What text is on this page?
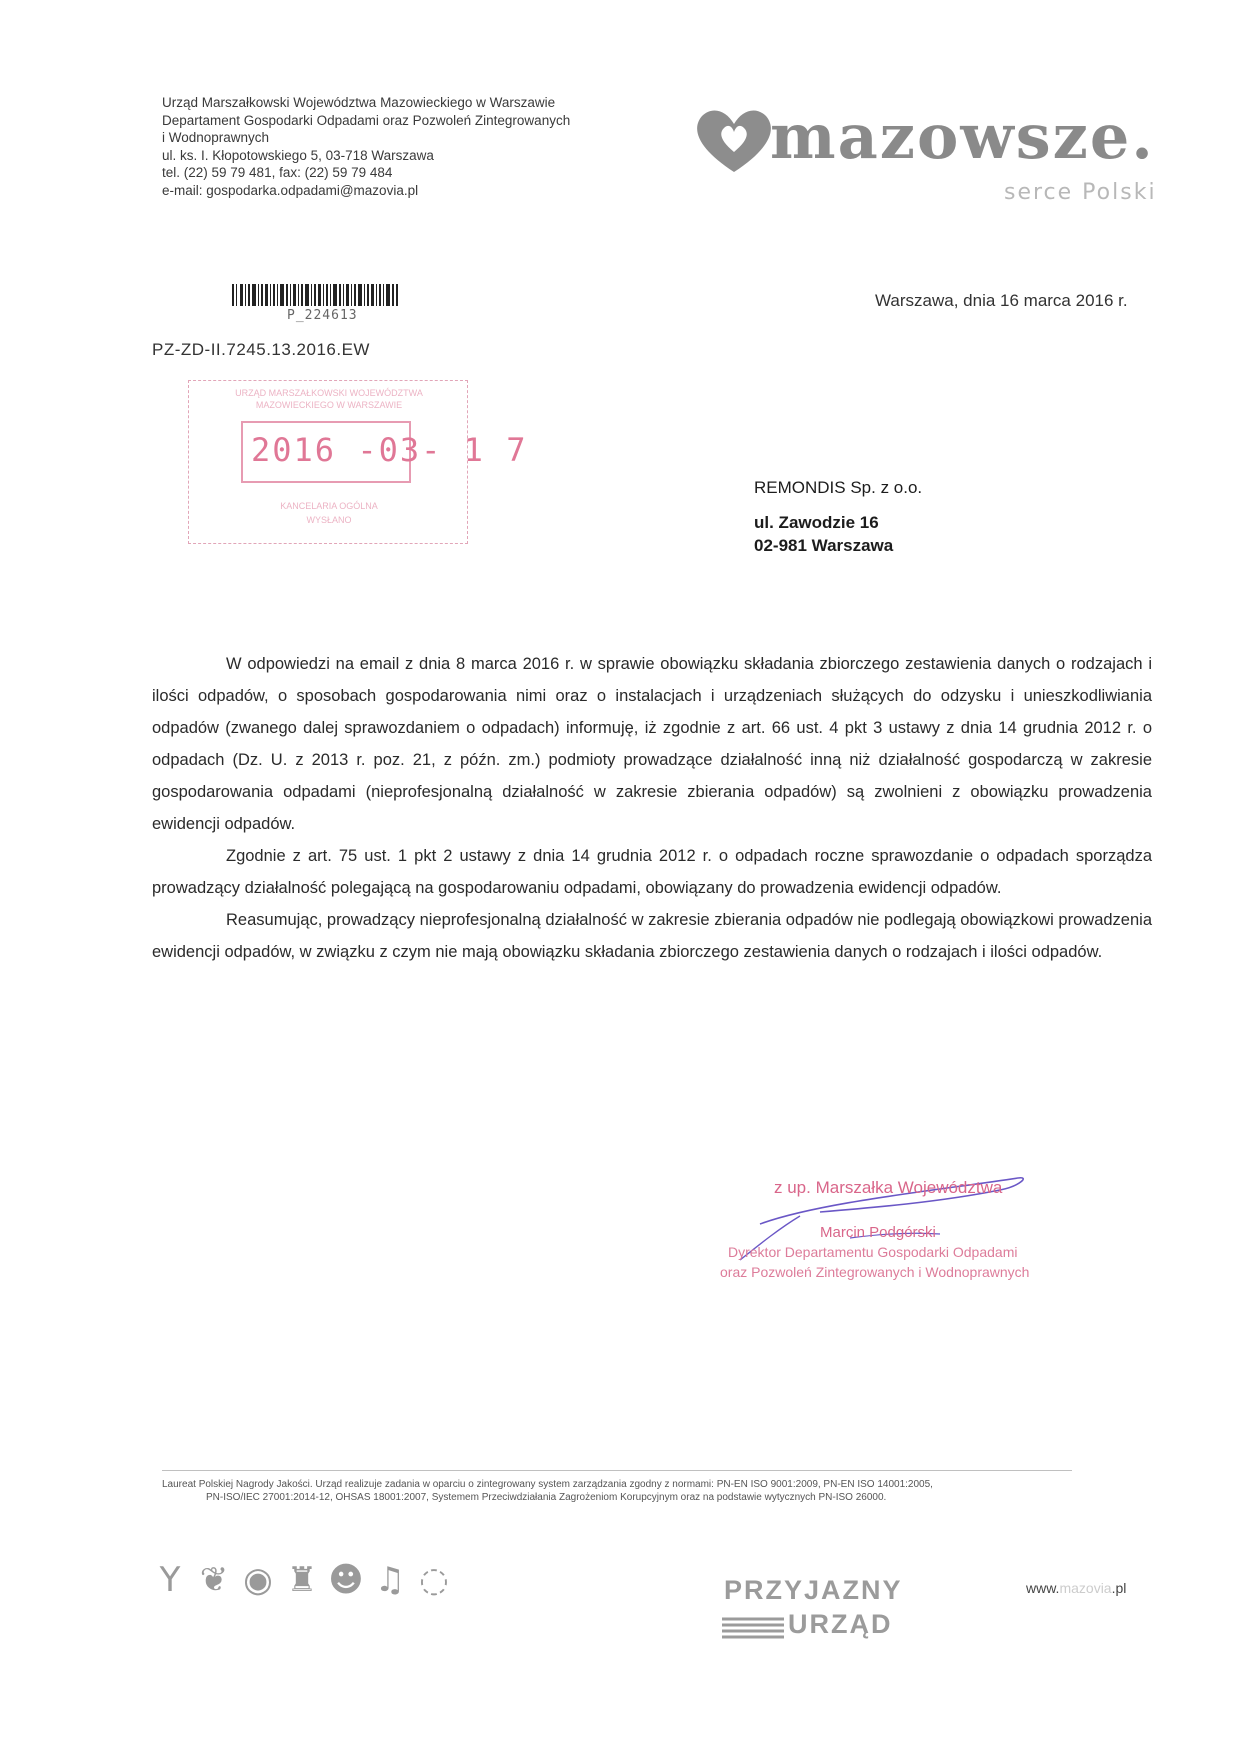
Urząd Marszałkowski Województwa Mazowieckiego w Warszawie
Departament Gospodarki Odpadami oraz Pozwoleń Zintegrowanych
i Wodnoprawnych
ul. ks. I. Kłopotowskiego 5, 03-718 Warszawa
tel. (22) 59 79 481, fax: (22) 59 79 484
e-mail: gospodarka.odpadami@mazovia.pl
mazowsze.
serce Polski
P_224613
PZ-ZD-II.7245.13.2016.EW
Warszawa, dnia 16 marca 2016 r.
URZĄD MARSZAŁKOWSKI WOJEWÓDZTWA MAZOWIECKIEGO W WARSZAWIE
2016 -03- 1 7
KANCELARIA OGÓLNA
WYSŁANO
REMONDIS Sp. z o.o.
ul. Zawodzie 16
02-981 Warszawa

W odpowiedzi na email z dnia 8 marca 2016 r. w sprawie obowiązku składania zbiorczego zestawienia danych o rodzajach i ilości odpadów, o sposobach gospodarowania nimi oraz o instalacjach i urządzeniach służących do odzysku i unieszkodliwiania odpadów (zwanego dalej sprawozdaniem o odpadach) informuję, iż zgodnie z art. 66 ust. 4 pkt 3 ustawy z dnia 14 grudnia 2012 r. o odpadach (Dz. U. z 2013 r. poz. 21, z późn. zm.) podmioty prowadzące działalność inną niż działalność gospodarczą w zakresie gospodarowania odpadami (nieprofesjonalną działalność w zakresie zbierania odpadów) są zwolnieni z obowiązku prowadzenia ewidencji odpadów.

Zgodnie z art. 75 ust. 1 pkt 2 ustawy z dnia 14 grudnia 2012 r. o odpadach roczne sprawozdanie o odpadach sporządza prowadzący działalność polegającą na gospodarowaniu odpadami, obowiązany do prowadzenia ewidencji odpadów.

Reasumując, prowadzący nieprofesjonalną działalność w zakresie zbierania odpadów nie podlegają obowiązkowi prowadzenia ewidencji odpadów, w związku z czym nie mają obowiązku składania zbiorczego zestawienia danych o rodzajach i ilości odpadów.

z up. Marszałka Województwa
Marcin Podgórski
Dyrektor Departamentu Gospodarki Odpadami
oraz Pozwoleń Zintegrowanych i Wodnoprawnych
Laureat Polskiej Nagrody Jakości. Urząd realizuje zadania w oparciu o zintegrowany system zarządzania zgodny z normami: PN-EN ISO 9001:2009, PN-EN ISO 14001:2005,
PN-ISO/IEC 27001:2014-12, OHSAS 18001:2007, Systemem Przeciwdziałania Zagrożeniom Korupcyjnym oraz na podstawie wytycznych PN-ISO 26000.
Y ❦ ◉ ♜ ☻ ♫ ◌	PRZYJAZNY
URZĄD
www.mazovia.pl
